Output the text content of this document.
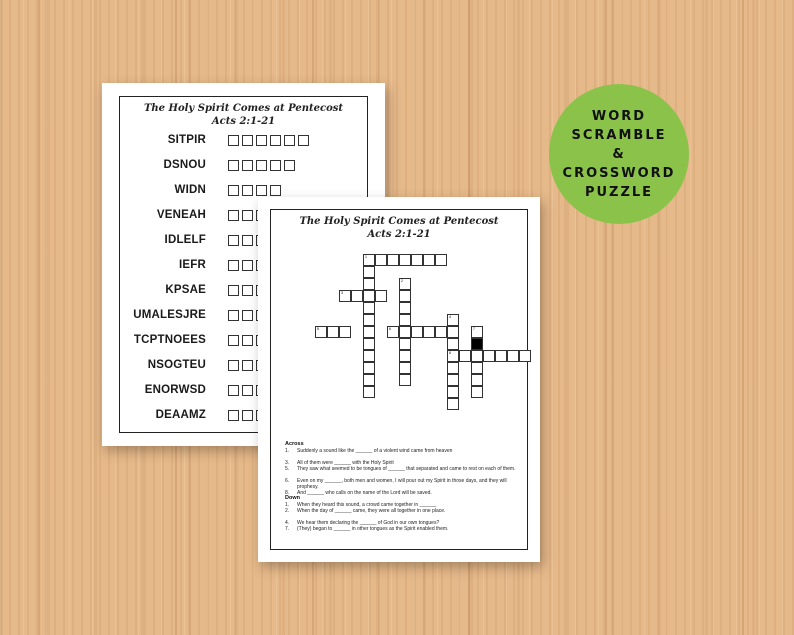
The Holy Spirit Comes at Pentecost
Acts 2:1-21
SITPIR
DSNOU
WIDN
VENEAH
IDLELF
IEFR
KPSAE
UMALESJRE
TCPTNOEES
NSOGTEU
ENORWSD
DEAAMZ
The Holy Spirit Comes at Pentecost
Acts 2:1-21
1
2
3
4
5	6	7
8
Across
1.	Suddenly a sound like the ______ of a violent wind came from heaven
3.	All of them were ______ with the Holy Spirit
5.	They saw what seemed to be tongues of ______ that separated and came to rest on each of them.
6.	Even on my ______, both men and women, I will pour out my Spirit in those days, and they will prophesy.
8.	And ______ who calls on the name of the Lord will be saved.
Down
1.	When they heard this sound, a crowd came together in ______
2.	When the day of ______ came, they were all together in one place.
4.	We hear them declaring the ______ of God in our own tongues?
7.	(They) began to ______ in other tongues as the Spirit enabled them.
WORD
SCRAMBLE
&
CROSSWORD
PUZZLE
